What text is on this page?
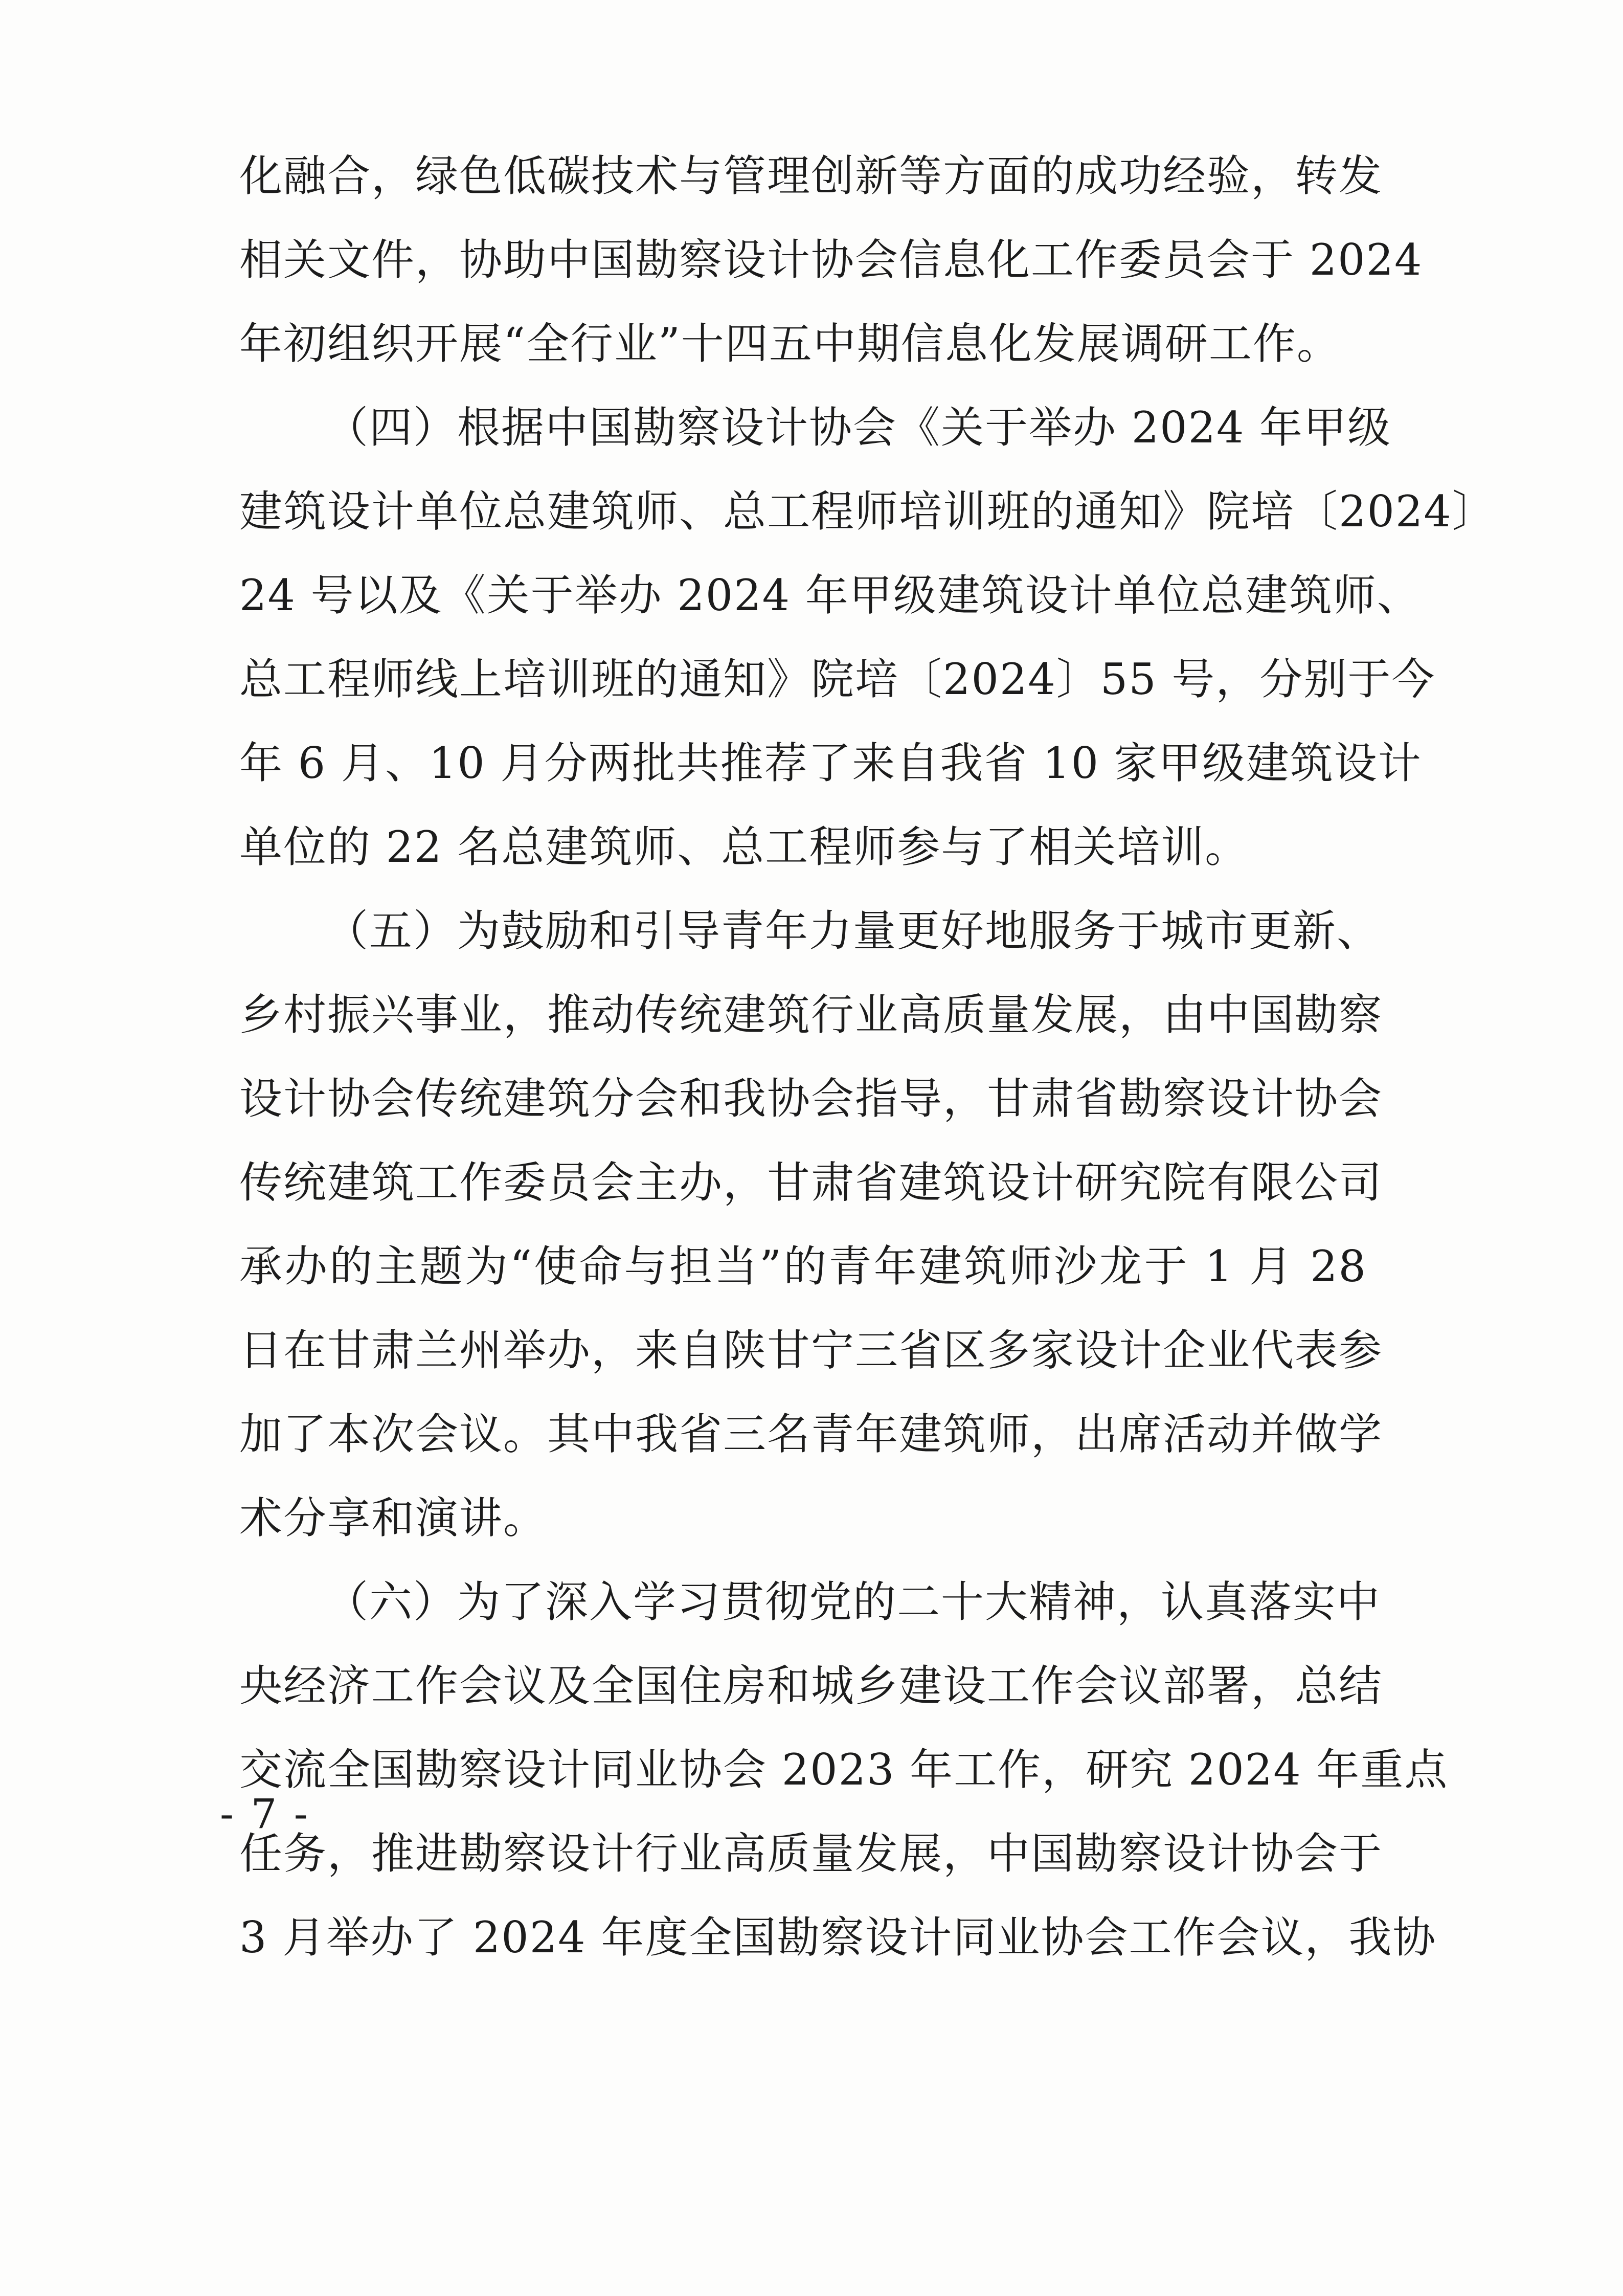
化融合，绿色低碳技术与管理创新等方面的成功经验，转发
相关文件，协助中国勘察设计协会信息化工作委员会于 2024
年初组织开展“全行业”十四五中期信息化发展调研工作。
（四）根据中国勘察设计协会《关于举办 2024 年甲级
建筑设计单位总建筑师、总工程师培训班的通知》院培〔2024〕
24 号以及《关于举办 2024 年甲级建筑设计单位总建筑师、
总工程师线上培训班的通知》院培〔2024〕55 号，分别于今
年 6 月、10 月分两批共推荐了来自我省 10 家甲级建筑设计
单位的 22 名总建筑师、总工程师参与了相关培训。
（五）为鼓励和引导青年力量更好地服务于城市更新、
乡村振兴事业，推动传统建筑行业高质量发展，由中国勘察
设计协会传统建筑分会和我协会指导，甘肃省勘察设计协会
传统建筑工作委员会主办，甘肃省建筑设计研究院有限公司
承办的主题为“使命与担当”的青年建筑师沙龙于 1 月 28
日在甘肃兰州举办，来自陕甘宁三省区多家设计企业代表参
加了本次会议。其中我省三名青年建筑师，出席活动并做学
术分享和演讲。
（六）为了深入学习贯彻党的二十大精神，认真落实中
央经济工作会议及全国住房和城乡建设工作会议部署，总结
交流全国勘察设计同业协会 2023 年工作，研究 2024 年重点
任务，推进勘察设计行业高质量发展，中国勘察设计协会于
3 月举办了 2024 年度全国勘察设计同业协会工作会议，我协
- 7 -
